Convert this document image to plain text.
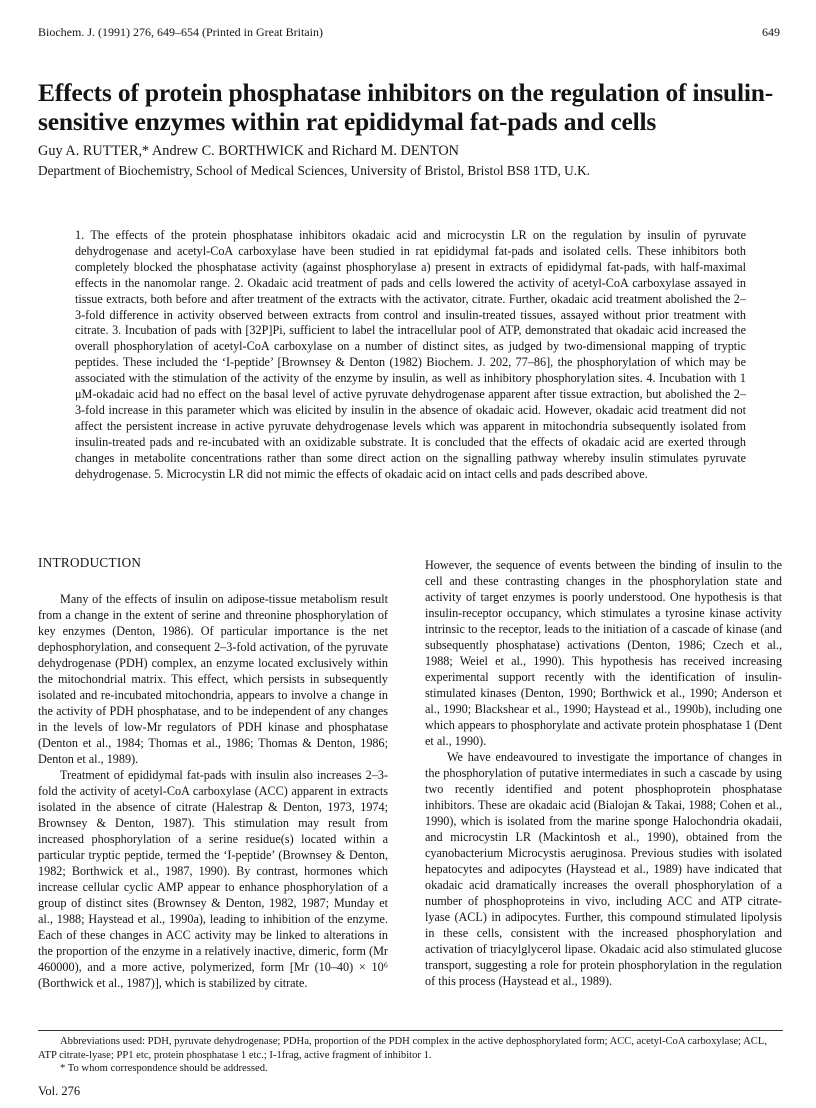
Biochem. J. (1991) 276, 649–654 (Printed in Great Britain)	649
Effects of protein phosphatase inhibitors on the regulation of insulin-sensitive enzymes within rat epididymal fat-pads and cells
Guy A. RUTTER,* Andrew C. BORTHWICK and Richard M. DENTON
Department of Biochemistry, School of Medical Sciences, University of Bristol, Bristol BS8 1TD, U.K.

1. The effects of the protein phosphatase inhibitors okadaic acid and microcystin LR on the regulation by insulin of pyruvate dehydrogenase and acetyl-CoA carboxylase have been studied in rat epididymal fat-pads and isolated cells. These inhibitors both completely blocked the phosphatase activity (against phosphorylase a) present in extracts of epididymal fat-pads, with half-maximal effects in the nanomolar range. 2. Okadaic acid treatment of pads and cells lowered the activity of acetyl-CoA carboxylase assayed in tissue extracts, both before and after treatment of the extracts with the activator, citrate. Further, okadaic acid treatment abolished the 2–3-fold difference in activity observed between extracts from control and insulin-treated tissues, assayed without prior treatment with citrate. 3. Incubation of pads with [32P]Pi, sufficient to label the intracellular pool of ATP, demonstrated that okadaic acid increased the overall phosphorylation of acetyl-CoA carboxylase on a number of distinct sites, as judged by two-dimensional mapping of tryptic peptides. These included the ‘I-peptide’ [Brownsey & Denton (1982) Biochem. J. 202, 77–86], the phosphorylation of which may be associated with the stimulation of the activity of the enzyme by insulin, as well as inhibitory phosphorylation sites. 4. Incubation with 1 μM-okadaic acid had no effect on the basal level of active pyruvate dehydrogenase apparent after tissue extraction, but abolished the 2–3-fold increase in this parameter which was elicited by insulin in the absence of okadaic acid. However, okadaic acid treatment did not affect the persistent increase in active pyruvate dehydrogenase levels which was apparent in mitochondria subsequently isolated from insulin-treated pads and re-incubated with an oxidizable substrate. It is concluded that the effects of okadaic acid are exerted through changes in metabolite concentrations rather than some direct action on the signalling pathway whereby insulin stimulates pyruvate dehydrogenase. 5. Microcystin LR did not mimic the effects of okadaic acid on intact cells and pads described above.

INTRODUCTION

Many of the effects of insulin on adipose-tissue metabolism result from a change in the extent of serine and threonine phosphorylation of key enzymes (Denton, 1986). Of particular importance is the net dephosphorylation, and consequent 2–3-fold activation, of the pyruvate dehydrogenase (PDH) complex, an enzyme located exclusively within the mitochondrial matrix. This effect, which persists in subsequently isolated and re-incubated mitochondria, appears to involve a change in the activity of PDH phosphatase, and to be independent of any changes in the levels of low-Mr regulators of PDH kinase and phosphatase (Denton et al., 1984; Thomas et al., 1986; Thomas & Denton, 1986; Denton et al., 1989).

Treatment of epididymal fat-pads with insulin also increases 2–3-fold the activity of acetyl-CoA carboxylase (ACC) apparent in extracts isolated in the absence of citrate (Halestrap & Denton, 1973, 1974; Brownsey & Denton, 1987). This stimulation may result from increased phosphorylation of a serine residue(s) located within a particular tryptic peptide, termed the ‘I-peptide’ (Brownsey & Denton, 1982; Borthwick et al., 1987, 1990). By contrast, hormones which increase cellular cyclic AMP appear to enhance phosphorylation of a group of distinct sites (Brownsey & Denton, 1982, 1987; Munday et al., 1988; Haystead et al., 1990a), leading to inhibition of the enzyme. Each of these changes in ACC activity may be linked to alterations in the proportion of the enzyme in a relatively inactive, dimeric, form (Mr 460000), and a more active, polymerized, form [Mr (10–40) × 10⁶ (Borthwick et al., 1987)], which is stabilized by citrate.

However, the sequence of events between the binding of insulin to the cell and these contrasting changes in the phosphorylation state and activity of target enzymes is poorly understood. One hypothesis is that insulin-receptor occupancy, which stimulates a tyrosine kinase activity intrinsic to the receptor, leads to the initiation of a cascade of kinase (and subsequently phosphatase) activations (Denton, 1986; Czech et al., 1988; Weiel et al., 1990). This hypothesis has received increasing experimental support recently with the identification of insulin-stimulated kinases (Denton, 1990; Borthwick et al., 1990; Anderson et al., 1990; Blackshear et al., 1990; Haystead et al., 1990b), including one which appears to phosphorylate and activate protein phosphatase 1 (Dent et al., 1990).

We have endeavoured to investigate the importance of changes in the phosphorylation of putative intermediates in such a cascade by using two recently identified and potent phosphoprotein phosphatase inhibitors. These are okadaic acid (Bialojan & Takai, 1988; Cohen et al., 1990), which is isolated from the marine sponge Halochondria okadaii, and microcystin LR (Mackintosh et al., 1990), obtained from the cyanobacterium Microcystis aeruginosa. Previous studies with isolated hepatocytes and adipocytes (Haystead et al., 1989) have indicated that okadaic acid dramatically increases the overall phosphorylation of a number of phosphoproteins in vivo, including ACC and ATP citrate-lyase (ACL) in adipocytes. Further, this compound stimulated lipolysis in these cells, consistent with the increased phosphorylation and activation of triacylglycerol lipase. Okadaic acid also stimulated glucose transport, suggesting a role for protein phosphorylation in the regulation of this process (Haystead et al., 1989).

Abbreviations used: PDH, pyruvate dehydrogenase; PDHa, proportion of the PDH complex in the active dephosphorylated form; ACC, acetyl-CoA carboxylase; ACL, ATP citrate-lyase; PP1 etc, protein phosphatase 1 etc.; I-1frag, active fragment of inhibitor 1.

* To whom correspondence should be addressed.

Vol. 276
